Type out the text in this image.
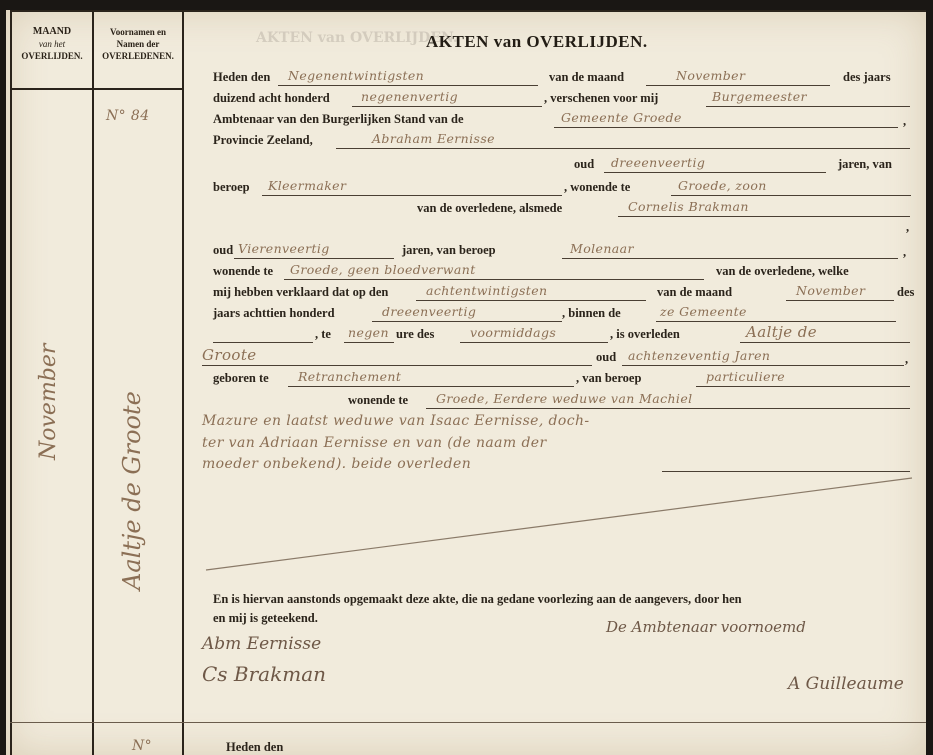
AKTEN van OVERLIJDEN.
MAAND
van het
OVERLIJDEN.
Voornamen en
Namen der
OVERLEDENEN.
N° 84
November Aaltje de Groote
AKTEN van OVERLIJDEN.
Heden den Negenentwintigsten	van de maand	November	des jaars
duizend acht honderd	negenenvertig	, verschenen voor mij	Burgemeester
Ambtenaar van den Burgerlijken Stand van de	Gemeente Groede	,
Provincie Zeeland,	Abraham Eernisse
oud dreeenveertig	jaren, van
beroep Kleermaker	, wonende te	Groede, zoon
van de overledene, alsmede	Cornelis Brakman
,
oud Vierenveertig	jaren, van beroep	Molenaar	,
wonende te Groede, geen bloedverwant	van de overledene, welke
mij hebben verklaard dat op den	achtentwintigsten	van de maand	November	des
jaars achttien honderd	dreeenveertig	, binnen de	ze Gemeente
, te negen ure des	voormiddags	, is overleden	Aaltje de
Groote	oud achtenzeventig Jaren	,
geboren te Retranchement	, van beroep	particuliere
wonende te Groede, Eerdere weduwe van Machiel
Mazure en laatst weduwe van Isaac Eernisse, doch-
ter van Adriaan Eernisse en van (de naam der
moeder onbekend). beide overleden
En is hiervan aanstonds opgemaakt deze akte, die na gedane voorlezing aan de aangevers, door hen
en mij is geteekend.	De Ambtenaar voornoemd
Abm Eernisse
Cs Brakman	A Guilleaume
Heden den
N°
